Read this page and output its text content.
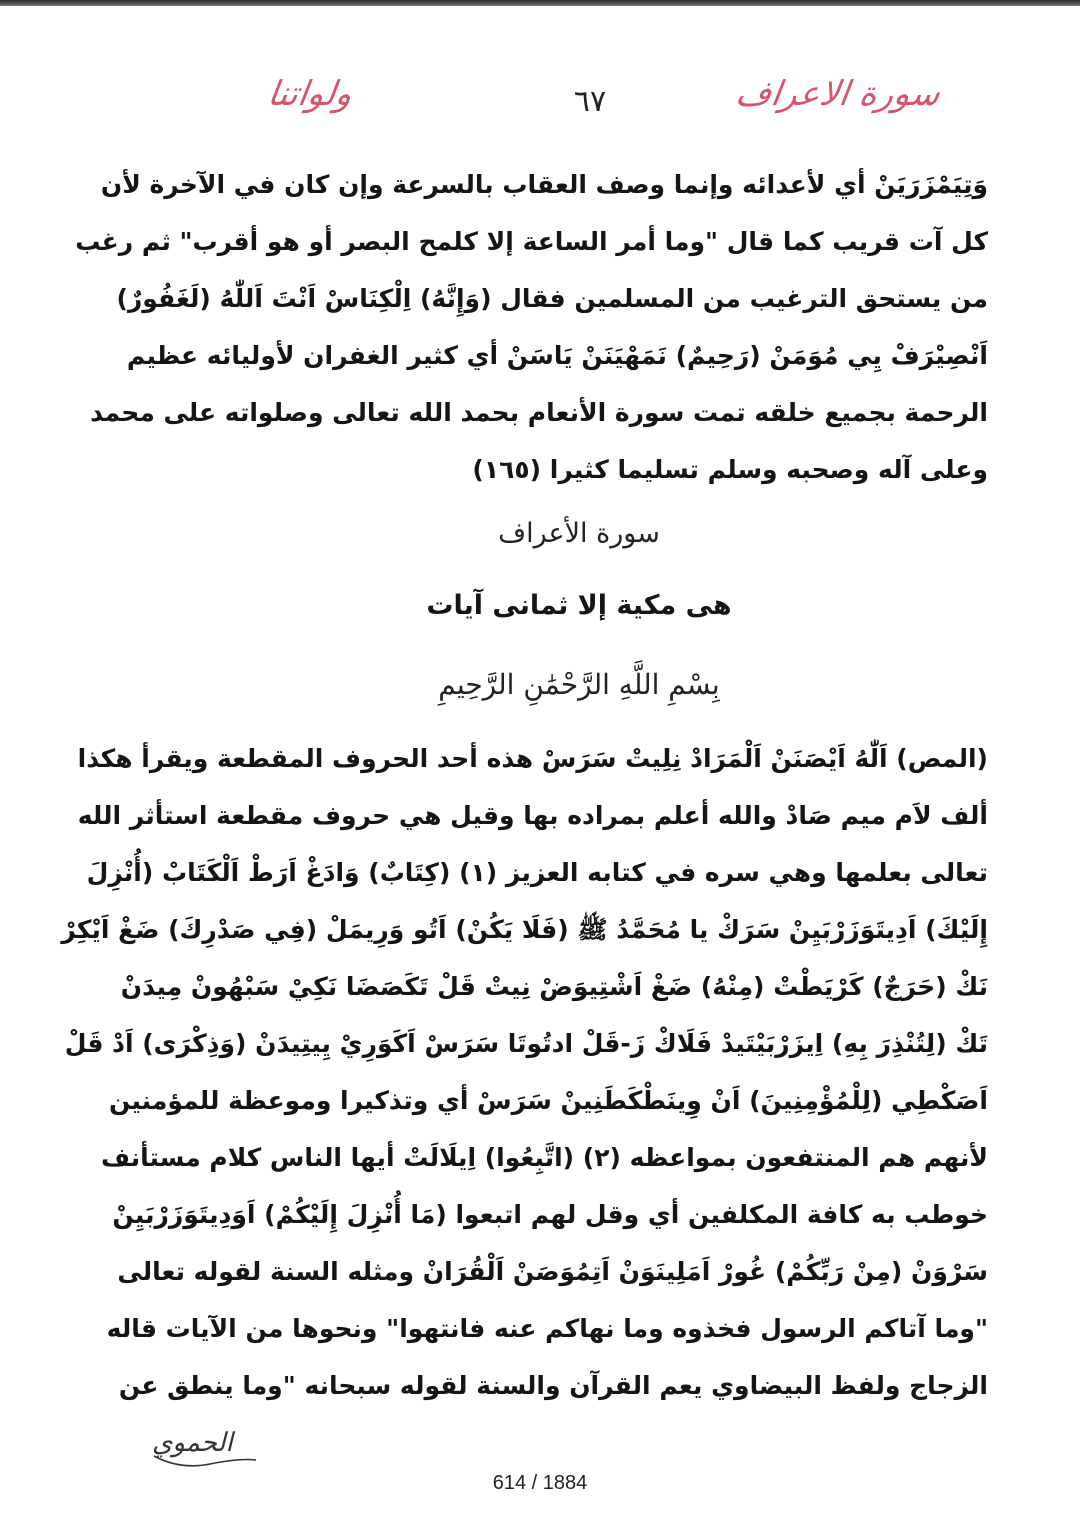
ولواتنا	٦٧	سورة الاعراف
وَتِيَمْزَرَيَنْ أي لأعدائه وإنما وصف العقاب بالسرعة وإن كان في الآخرة لأن
كل آت قريب كما قال "وما أمر الساعة إلا كلمح البصر أو هو أقرب" ثم رغب
من يستحق الترغيب من المسلمين فقال (وَإِنَّهُ) اِلْكِنَاسْ اَنْتَ اَللّٰهُ (لَغَفُورٌ)
اَنْصِيْرَفْ يِي مُوَمَنْ (رَحِيمٌ) نَمَهْيَنَنْ يَاسَنْ أي كثير الغفران لأوليائه عظيم
الرحمة بجميع خلقه تمت سورة الأنعام بحمد الله تعالى وصلواته على محمد
وعلى آله وصحبه وسلم تسليما كثيرا (١٦٥)
سورة الأعراف
هى مكية إلا ثمانى آيات
بِسْمِ اللَّهِ الرَّحْمَٰنِ الرَّحِيمِ
(المص) اَلّٰهُ اَيْصَنَنْ اَلْمَرَادْ نِلِيتْ سَرَسْ هذه أحد الحروف المقطعة ويقرأ هكذا
ألف لاَم ميم صَادْ والله أعلم بمراده بها وقيل هي حروف مقطعة استأثر الله
تعالى بعلمها وهي سره في كتابه العزيز (١) (كِتَابٌ) وَادَغْ اَرَطْ اَلْكَتَابْ (أُنْزِلَ
إِلَيْكَ) اَدِيتَوَزَرْبَيِنْ سَرَكْ يا مُحَمَّدُ ﷺ (فَلَا يَكُنْ) اَتُو وَرِيمَلْ (فِي صَدْرِكَ) ضَغْ اَيْكِرْ
نَكْ (حَرَجٌ) كَرْيَطْتْ (مِنْهُ) ضَغْ اَشْتِيوَضْ نِيتْ قَلْ تَكَصَضَا نَكِيْ سَبْهُونْ مِيدَنْ
تَكْ (لِتُنْذِرَ بِهِ) اِيزَرْبَيْتَيدْ فَلَاكْ زَ-قَلْ ادتُوتَا سَرَسْ اَكَوَرِيْ يِيتِيدَنْ (وَذِكْرَى) اَدْ قَلْ
اَصَكْطِي (لِلْمُؤْمِنِينَ) اَنْ وِينَطْكَطَنِينْ سَرَسْ أي وتذكيرا وموعظة للمؤمنين
لأنهم هم المنتفعون بمواعظه (٢) (اتَّبِعُوا) اِيلَالَتْ أيها الناس كلام مستأنف
خوطب به كافة المكلفين أي وقل لهم اتبعوا (مَا أُنْزِلَ إِلَيْكُمْ) اَوَدِيتَوَزَرْبَيِنْ
سَرْوَنْ (مِنْ رَبِّكُمْ) غُورْ اَمَلِينَوَنْ اَتِمُوَصَنْ اَلْقُرَانْ ومثله السنة لقوله تعالى
"وما آتاكم الرسول فخذوه وما نهاكم عنه فانتهوا" ونحوها من الآيات قاله
الزجاج ولفظ البيضاوي يعم القرآن والسنة لقوله سبحانه "وما ينطق عن
الحموي
614 / 1884
